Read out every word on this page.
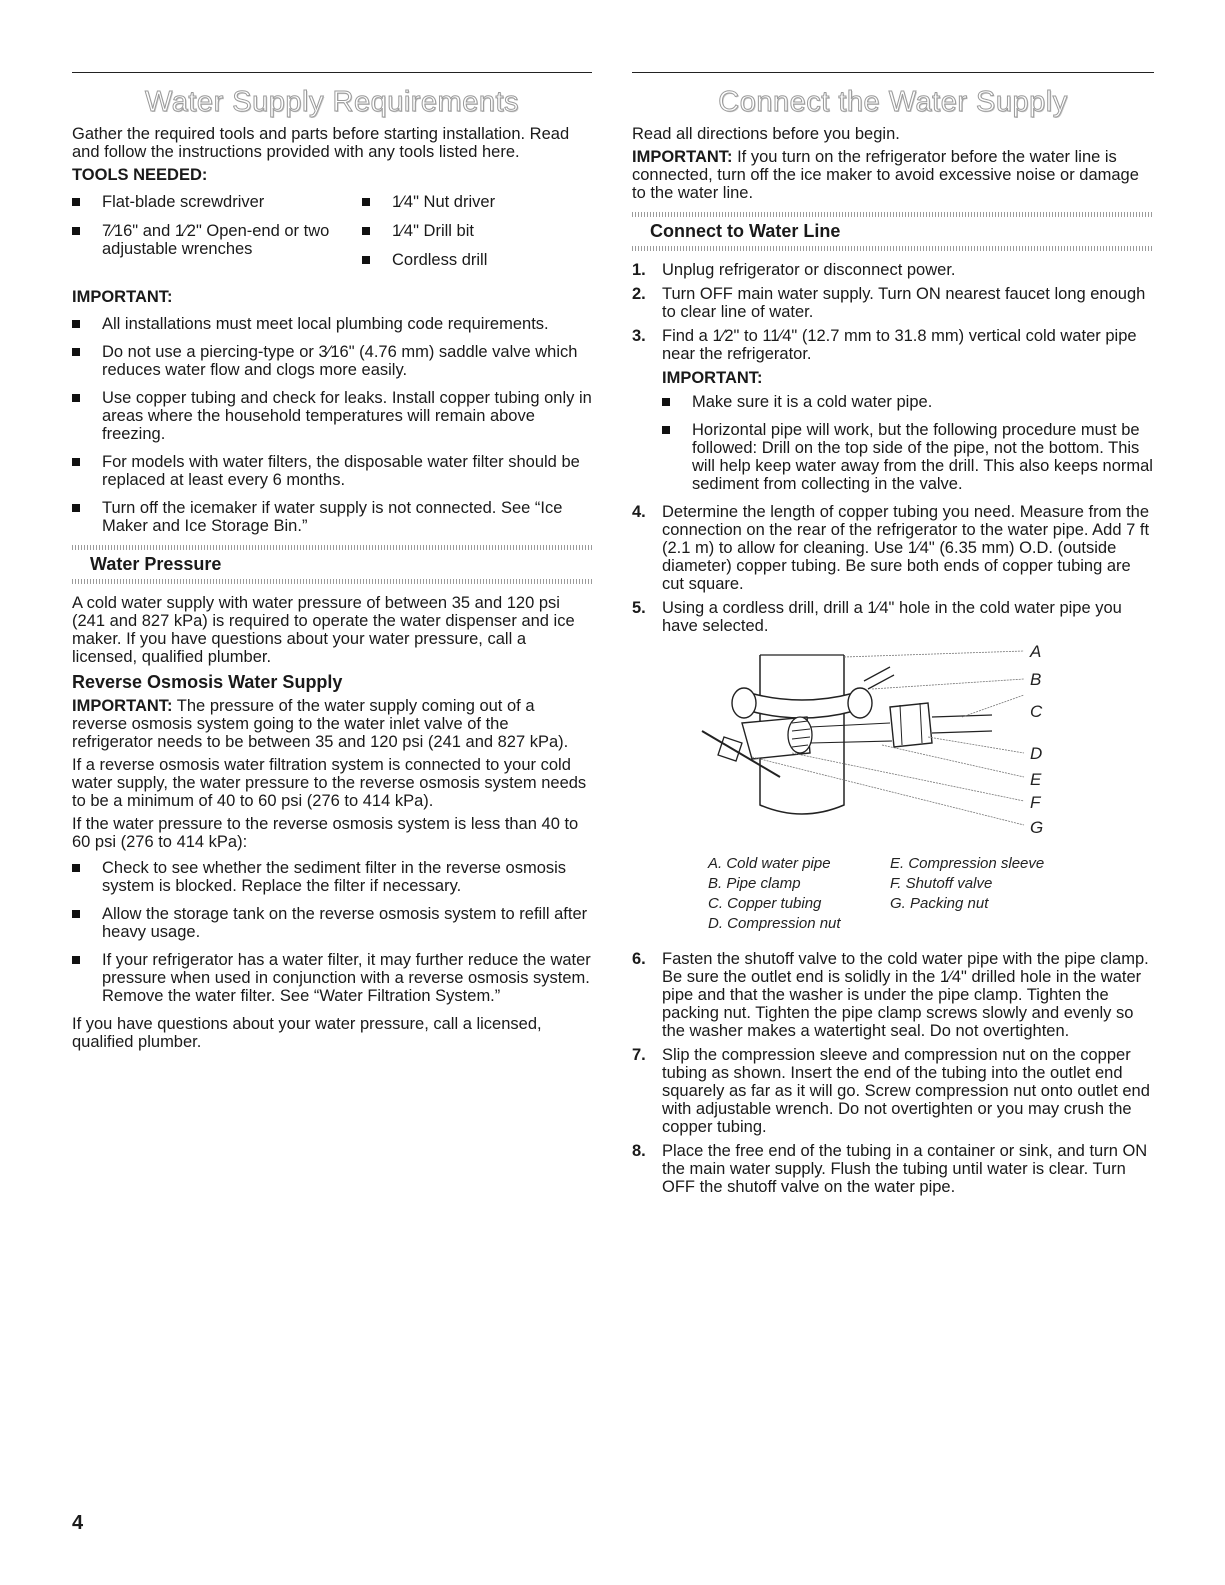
Water Supply Requirements

Gather the required tools and parts before starting installation. Read and follow the instructions provided with any tools listed here.

TOOLS NEEDED:
Flat-blade screwdriver
7⁄16" and 1⁄2" Open-end or two adjustable wrenches
1⁄4" Nut driver
1⁄4" Drill bit
Cordless drill
IMPORTANT:
All installations must meet local plumbing code requirements.
Do not use a piercing-type or 3⁄16" (4.76 mm) saddle valve which reduces water flow and clogs more easily.
Use copper tubing and check for leaks. Install copper tubing only in areas where the household temperatures will remain above freezing.
For models with water filters, the disposable water filter should be replaced at least every 6 months.
Turn off the icemaker if water supply is not connected. See “Ice Maker and Ice Storage Bin.”
Water Pressure

A cold water supply with water pressure of between 35 and 120 psi (241 and 827 kPa) is required to operate the water dispenser and ice maker. If you have questions about your water pressure, call a licensed, qualified plumber.

Reverse Osmosis Water Supply

IMPORTANT: The pressure of the water supply coming out of a reverse osmosis system going to the water inlet valve of the refrigerator needs to be between 35 and 120 psi (241 and 827 kPa).

If a reverse osmosis water filtration system is connected to your cold water supply, the water pressure to the reverse osmosis system needs to be a minimum of 40 to 60 psi (276 to 414 kPa).

If the water pressure to the reverse osmosis system is less than 40 to 60 psi (276 to 414 kPa):

Check to see whether the sediment filter in the reverse osmosis system is blocked. Replace the filter if necessary.
Allow the storage tank on the reverse osmosis system to refill after heavy usage.
If your refrigerator has a water filter, it may further reduce the water pressure when used in conjunction with a reverse osmosis system. Remove the water filter. See “Water Filtration System.”

If you have questions about your water pressure, call a licensed, qualified plumber.

Connect the Water Supply

Read all directions before you begin.

IMPORTANT: If you turn on the refrigerator before the water line is connected, turn off the ice maker to avoid excessive noise or damage to the water line.

Connect to Water Line
1. Unplug refrigerator or disconnect power.
2. Turn OFF main water supply. Turn ON nearest faucet long enough to clear line of water.
3. Find a 1⁄2" to 11⁄4" (12.7 mm to 31.8 mm) vertical cold water pipe near the refrigerator.
IMPORTANT:
Make sure it is a cold water pipe.
Horizontal pipe will work, but the following procedure must be followed: Drill on the top side of the pipe, not the bottom. This will help keep water away from the drill. This also keeps normal sediment from collecting in the valve.
4. Determine the length of copper tubing you need. Measure from the connection on the rear of the refrigerator to the water pipe. Add 7 ft (2.1 m) to allow for cleaning. Use 1⁄4" (6.35 mm) O.D. (outside diameter) copper tubing. Be sure both ends of copper tubing are cut square.
5. Using a cordless drill, drill a 1⁄4" hole in the cold water pipe you have selected.
A
B
C
D
E
F
G
A. Cold water pipe
B. Pipe clamp
C. Copper tubing
D. Compression nut
E. Compression sleeve
F. Shutoff valve
G. Packing nut
6. Fasten the shutoff valve to the cold water pipe with the pipe clamp. Be sure the outlet end is solidly in the 1⁄4" drilled hole in the water pipe and that the washer is under the pipe clamp. Tighten the packing nut. Tighten the pipe clamp screws slowly and evenly so the washer makes a watertight seal. Do not overtighten.
7. Slip the compression sleeve and compression nut on the copper tubing as shown. Insert the end of the tubing into the outlet end squarely as far as it will go. Screw compression nut onto outlet end with adjustable wrench. Do not overtighten or you may crush the copper tubing.
8. Place the free end of the tubing in a container or sink, and turn ON the main water supply. Flush the tubing until water is clear. Turn OFF the shutoff valve on the water pipe.
4
